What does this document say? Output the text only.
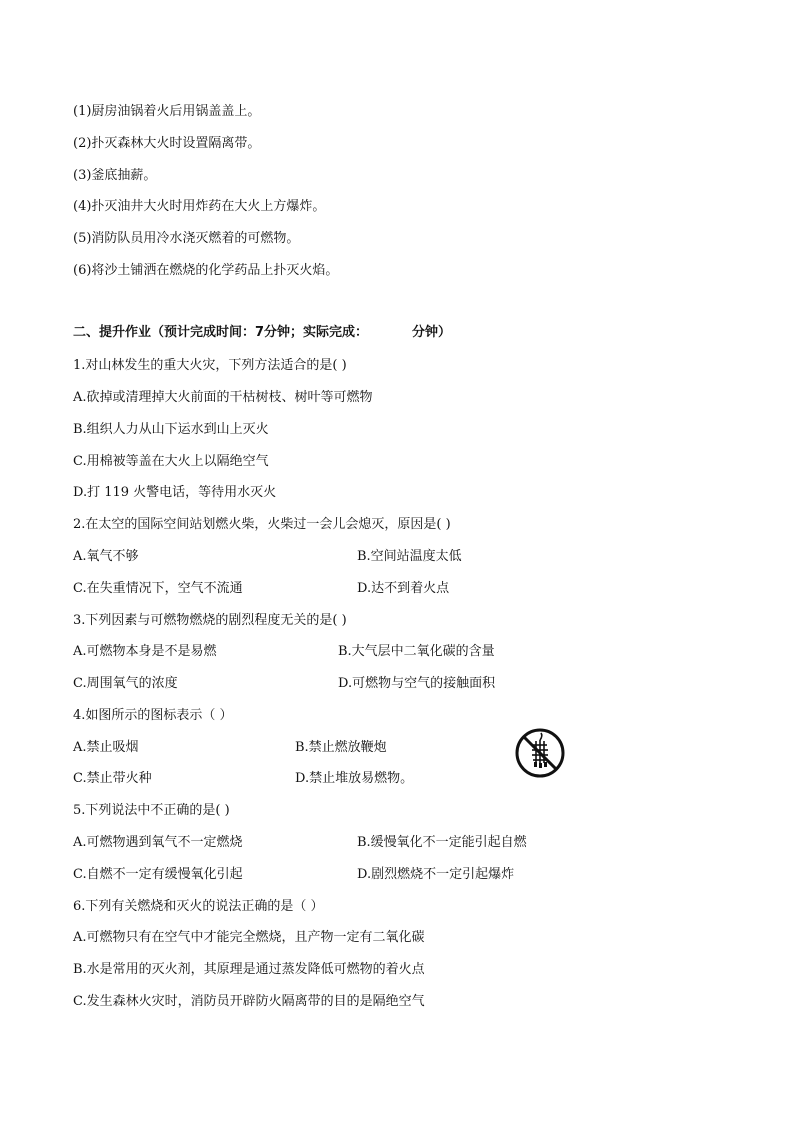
(1)厨房油锅着火后用锅盖盖上。
(2)扑灭森林大火时设置隔离带。
(3)釜底抽薪。
(4)扑灭油井大火时用炸药在大火上方爆炸。
(5)消防队员用冷水浇灭燃着的可燃物。
(6)将沙土铺洒在燃烧的化学药品上扑灭火焰。
二、提升作业（预计完成时间：7分钟；实际完成：	分钟）
1.对山林发生的重大火灾，下列方法适合的是( )
A.砍掉或清理掉大火前面的干枯树枝、树叶等可燃物
B.组织人力从山下运水到山上灭火
C.用棉被等盖在大火上以隔绝空气
D.打 119 火警电话，等待用水灭火
2.在太空的国际空间站划燃火柴，火柴过一会儿会熄灭，原因是( )
A.氧气不够	B.空间站温度太低
C.在失重情况下，空气不流通	D.达不到着火点
3.下列因素与可燃物燃烧的剧烈程度无关的是( )
A.可燃物本身是不是易燃	B.大气层中二氧化碳的含量
C.周围氧气的浓度	D.可燃物与空气的接触面积
4.如图所示的图标表示（ ）
A.禁止吸烟	B.禁止燃放鞭炮
C.禁止带火种	D.禁止堆放易燃物。
5.下列说法中不正确的是( )
A.可燃物遇到氧气不一定燃烧	B.缓慢氧化不一定能引起自燃
C.自燃不一定有缓慢氧化引起	D.剧烈燃烧不一定引起爆炸
6.下列有关燃烧和灭火的说法正确的是（ ）
A.可燃物只有在空气中才能完全燃烧，且产物一定有二氧化碳
B.水是常用的灭火剂，其原理是通过蒸发降低可燃物的着火点
C.发生森林火灾时，消防员开辟防火隔离带的目的是隔绝空气
